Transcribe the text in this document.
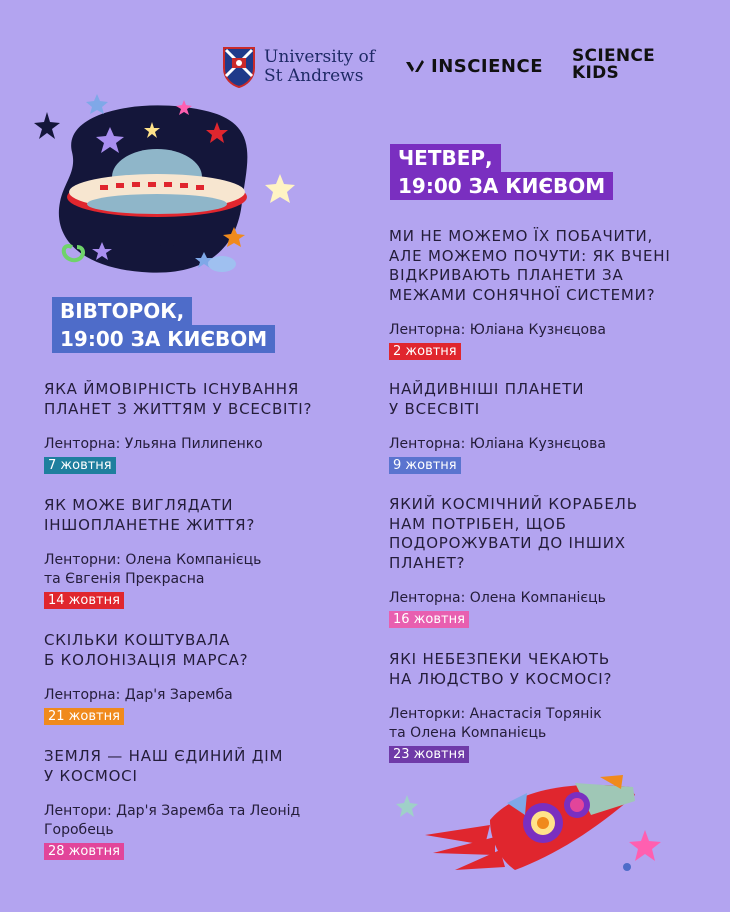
University of
St Andrews	INSCIENCE SCIENCE
KIDS
ВІВТОРОК,
19:00 ЗА КИЄВОМ
ЧЕТВЕР,
19:00 ЗА КИЄВОМ
ЯКА ЙМОВІРНІСТЬ ІСНУВАННЯ
ПЛАНЕТ З ЖИТТЯМ У ВСЕСВІТІ?
Ленторна: Ульяна Пилипенко
7 жовтня
ЯК МОЖЕ ВИГЛЯДАТИ
ІНШОПЛАНЕТНЕ ЖИТТЯ?
Ленторни: Олена Компанієць
та Євгенія Прекрасна
14 жовтня
СКІЛЬКИ КОШТУВАЛА
Б КОЛОНІЗАЦІЯ МАРСА?
Ленторна: Дар'я Заремба
21 жовтня
ЗЕМЛЯ — НАШ ЄДИНИЙ ДІМ
У КОСМОСІ
Лентори: Дар'я Заремба та Леонід
Горобець
28 жовтня
МИ НЕ МОЖЕМО ЇХ ПОБАЧИТИ,
АЛЕ МОЖЕМО ПОЧУТИ: ЯК ВЧЕНІ
ВІДКРИВАЮТЬ ПЛАНЕТИ ЗА
МЕЖАМИ СОНЯЧНОЇ СИСТЕМИ?
Ленторна: Юліана Кузнєцова
2 жовтня
НАЙДИВНІШІ ПЛАНЕТИ
У ВСЕСВІТІ
Ленторна: Юліана Кузнєцова
9 жовтня
ЯКИЙ КОСМІЧНИЙ КОРАБЕЛЬ
НАМ ПОТРІБЕН, ЩОБ
ПОДОРОЖУВАТИ ДО ІНШИХ
ПЛАНЕТ?
Ленторна: Олена Компанієць
16 жовтня
ЯКІ НЕБЕЗПЕКИ ЧЕКАЮТЬ
НА ЛЮДСТВО У КОСМОСІ?
Ленторки: Анастасія Торянік
та Олена Компанієць
23 жовтня
